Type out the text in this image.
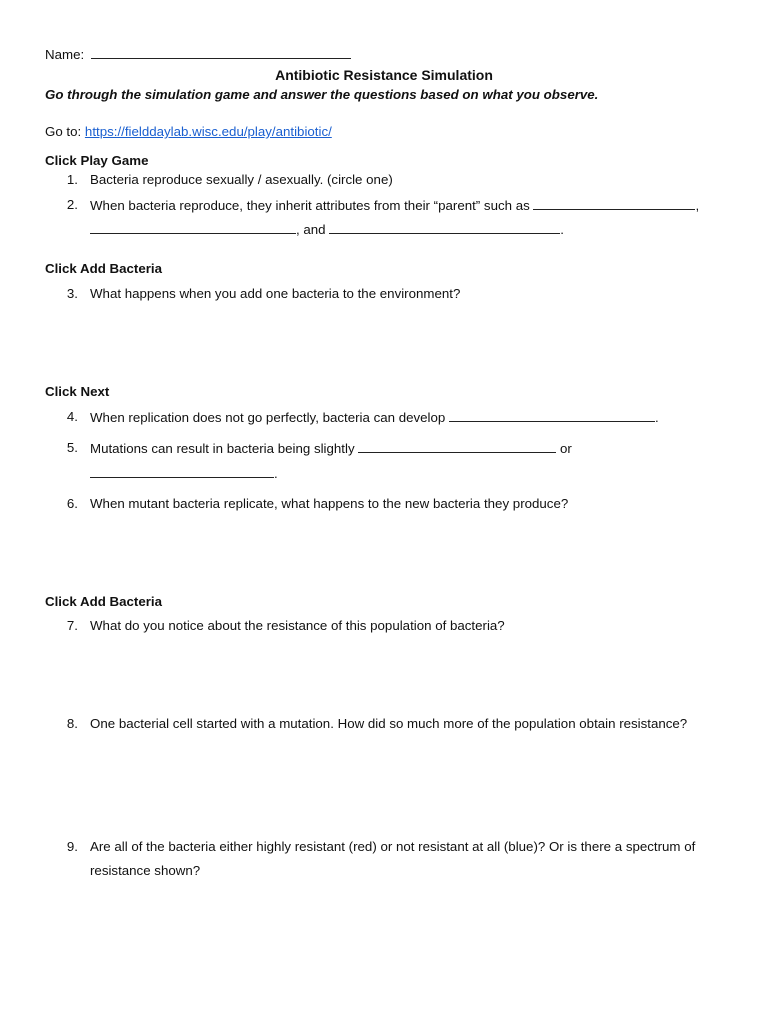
Name:
Antibiotic Resistance Simulation
Go through the simulation game and answer the questions based on what you observe.
Go to: https://fielddaylab.wisc.edu/play/antibiotic/
Click Play Game
1. Bacteria reproduce sexually / asexually. (circle one)
2. When bacteria reproduce, they inherit attributes from their “parent” such as	,
, and	.
Click Add Bacteria
3. What happens when you add one bacteria to the environment?
Click Next
4. When replication does not go perfectly, bacteria can develop	.
5. Mutations can result in bacteria being slightly	or
.
6. When mutant bacteria replicate, what happens to the new bacteria they produce?
Click Add Bacteria
7. What do you notice about the resistance of this population of bacteria?
8. One bacterial cell started with a mutation. How did so much more of the population obtain resistance?
9. Are all of the bacteria either highly resistant (red) or not resistant at all (blue)? Or is there a spectrum of
resistance shown?
